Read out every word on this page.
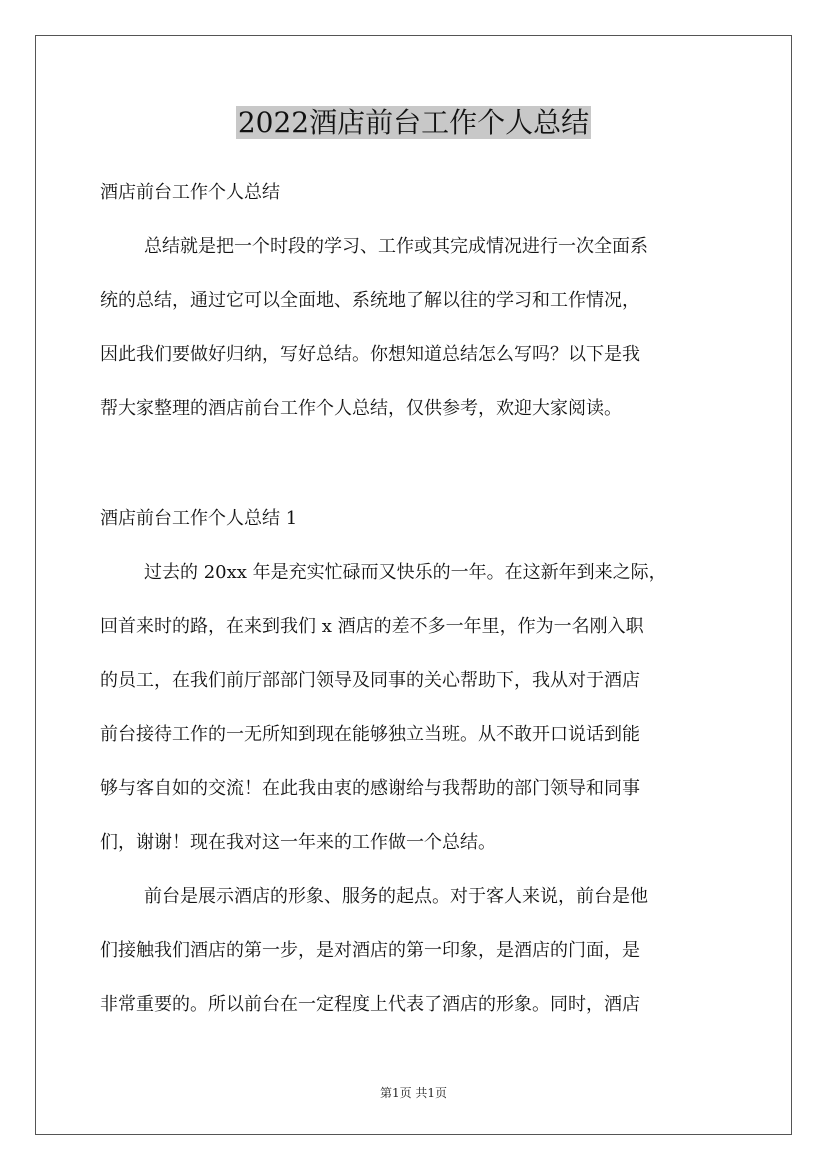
2022酒店前台工作个人总结

酒店前台工作个人总结

总结就是把一个时段的学习、工作或其完成情况进行一次全面系
统的总结，通过它可以全面地、系统地了解以往的学习和工作情况，
因此我们要做好归纳，写好总结。你想知道总结怎么写吗？以下是我
帮大家整理的酒店前台工作个人总结，仅供参考，欢迎大家阅读。

酒店前台工作个人总结 1

过去的 20xx 年是充实忙碌而又快乐的一年。在这新年到来之际，
回首来时的路，在来到我们 x 酒店的差不多一年里，作为一名刚入职
的员工，在我们前厅部部门领导及同事的关心帮助下，我从对于酒店
前台接待工作的一无所知到现在能够独立当班。从不敢开口说话到能
够与客自如的交流！在此我由衷的感谢给与我帮助的部门领导和同事
们，谢谢！现在我对这一年来的工作做一个总结。
前台是展示酒店的形象、服务的起点。对于客人来说，前台是他
们接触我们酒店的第一步，是对酒店的第一印象，是酒店的门面，是
非常重要的。所以前台在一定程度上代表了酒店的形象。同时，酒店
第1页 共1页
